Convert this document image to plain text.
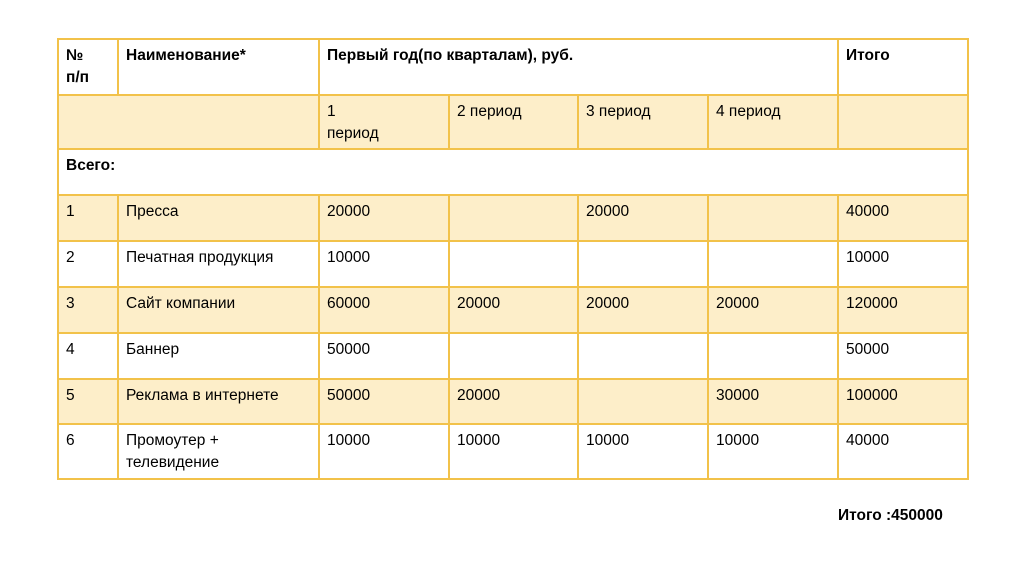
№
п/п	Наименование*	Первый год(по кварталам), руб.				Итого
		1
период	2 период	3 период	4 период	
Всего:						
1	Пресса	20000		20000		40000
2	Печатная продукция	10000				10000
3	Сайт компании	60000	20000	20000	20000	120000
4	Баннер	50000				50000
5	Реклама в интернете	50000	20000		30000	100000
6	Промоутер +
телевидение	10000	10000	10000	10000	40000
Итого :450000
